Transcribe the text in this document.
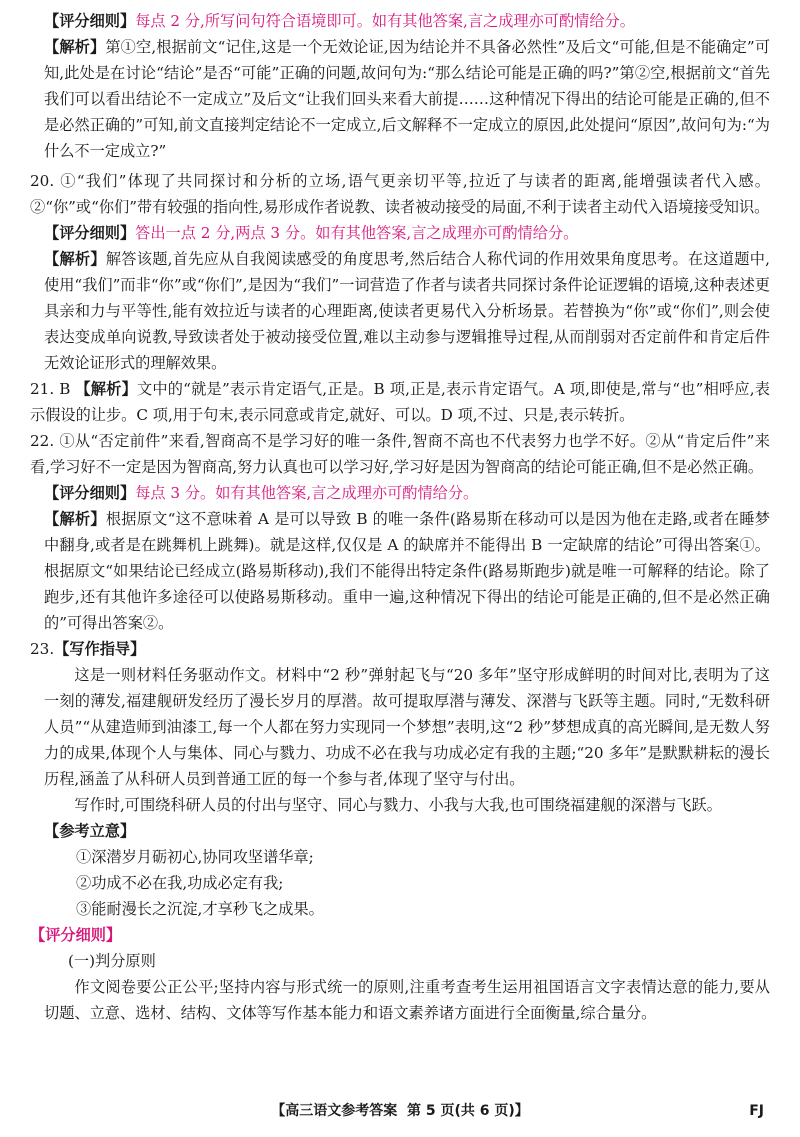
【评分细则】每点 2 分,所写问句符合语境即可。如有其他答案,言之成理亦可酌情给分。

【解析】第①空,根据前文“记住,这是一个无效论证,因为结论并不具备必然性”及后文“可能,但是不能确定”可知,此处是在讨论“结论”是否“可能”正确的问题,故问句为:“那么结论可能是正确的吗?”第②空,根据前文“首先我们可以看出结论不一定成立”及后文“让我们回头来看大前提……这种情况下得出的结论可能是正确的,但不是必然正确的”可知,前文直接判定结论不一定成立,后文解释不一定成立的原因,此处提问“原因”,故问句为:“为什么不一定成立?”

20. ①“我们”体现了共同探讨和分析的立场,语气更亲切平等,拉近了与读者的距离,能增强读者代入感。②“你”或“你们”带有较强的指向性,易形成作者说教、读者被动接受的局面,不利于读者主动代入语境接受知识。

【评分细则】答出一点 2 分,两点 3 分。如有其他答案,言之成理亦可酌情给分。

【解析】解答该题,首先应从自我阅读感受的角度思考,然后结合人称代词的作用效果角度思考。在这道题中,使用“我们”而非“你”或“你们”,是因为“我们”一词营造了作者与读者共同探讨条件论证逻辑的语境,这种表述更具亲和力与平等性,能有效拉近与读者的心理距离,使读者更易代入分析场景。若替换为“你”或“你们”,则会使表达变成单向说教,导致读者处于被动接受位置,难以主动参与逻辑推导过程,从而削弱对否定前件和肯定后件无效论证形式的理解效果。

21. B 【解析】文中的“就是”表示肯定语气,正是。B 项,正是,表示肯定语气。A 项,即使是,常与“也”相呼应,表示假设的让步。C 项,用于句末,表示同意或肯定,就好、可以。D 项,不过、只是,表示转折。

22. ①从“否定前件”来看,智商高不是学习好的唯一条件,智商不高也不代表努力也学不好。②从“肯定后件”来看,学习好不一定是因为智商高,努力认真也可以学习好,学习好是因为智商高的结论可能正确,但不是必然正确。

【评分细则】每点 3 分。如有其他答案,言之成理亦可酌情给分。

【解析】根据原文“这不意味着 A 是可以导致 B 的唯一条件(路易斯在移动可以是因为他在走路,或者在睡梦中翻身,或者是在跳舞机上跳舞)。就是这样,仅仅是 A 的缺席并不能得出 B 一定缺席的结论”可得出答案①。根据原文“如果结论已经成立(路易斯移动),我们不能得出特定条件(路易斯跑步)就是唯一可解释的结论。除了跑步,还有其他许多途径可以使路易斯移动。重申一遍,这种情况下得出的结论可能是正确的,但不是必然正确的”可得出答案②。

23.【写作指导】

这是一则材料任务驱动作文。材料中“2 秒”弹射起飞与“20 多年”坚守形成鲜明的时间对比,表明为了这一刻的薄发,福建舰研发经历了漫长岁月的厚潜。故可提取厚潜与薄发、深潜与飞跃等主题。同时,“无数科研人员”“从建造师到油漆工,每一个人都在努力实现同一个梦想”表明,这“2 秒”梦想成真的高光瞬间,是无数人努力的成果,体现个人与集体、同心与戮力、功成不必在我与功成必定有我的主题;“20 多年”是默默耕耘的漫长历程,涵盖了从科研人员到普通工匠的每一个参与者,体现了坚守与付出。

写作时,可围绕科研人员的付出与坚守、同心与戮力、小我与大我,也可围绕福建舰的深潜与飞跃。

【参考立意】

①深潜岁月砺初心,协同攻坚谱华章;

②功成不必在我,功成必定有我;

③能耐漫长之沉淀,才享秒飞之成果。

【评分细则】

(一)判分原则

作文阅卷要公正公平;坚持内容与形式统一的原则,注重考查考生运用祖国语言文字表情达意的能力,要从切题、立意、选材、结构、文体等写作基本能力和语文素养诸方面进行全面衡量,综合量分。

【高三语文参考答案 第 5 页(共 6 页)】	FJ
